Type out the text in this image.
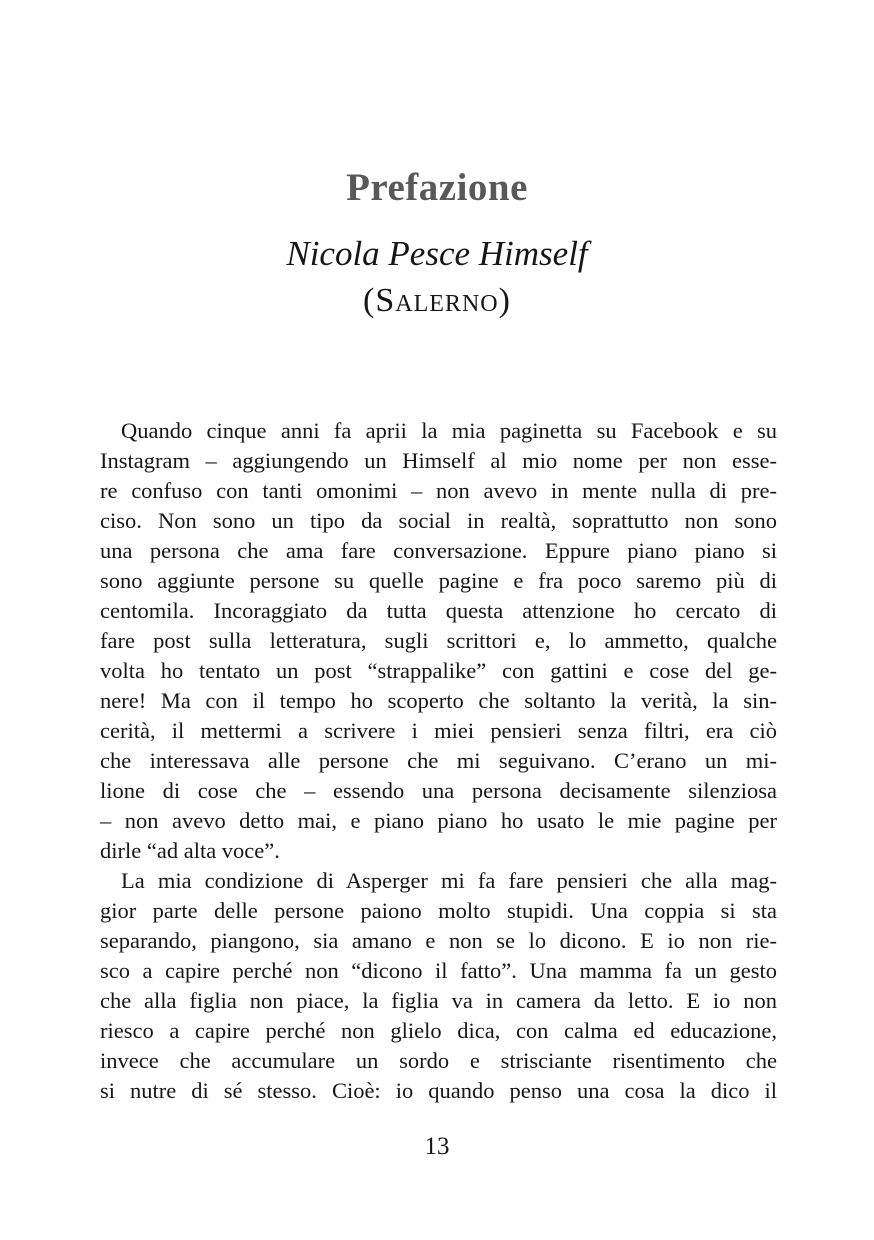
Prefazione
Nicola Pesce Himself
(Salerno)
Quando cinque anni fa aprii la mia paginetta su Facebook e su
Instagram – aggiungendo un Himself al mio nome per non esse-
re confuso con tanti omonimi – non avevo in mente nulla di pre-
ciso. Non sono un tipo da social in realtà, soprattutto non sono
una persona che ama fare conversazione. Eppure piano piano si
sono aggiunte persone su quelle pagine e fra poco saremo più di
centomila. Incoraggiato da tutta questa attenzione ho cercato di
fare post sulla letteratura, sugli scrittori e, lo ammetto, qualche
volta ho tentato un post “strappalike” con gattini e cose del ge-
nere! Ma con il tempo ho scoperto che soltanto la verità, la sin-
cerità, il mettermi a scrivere i miei pensieri senza filtri, era ciò
che interessava alle persone che mi seguivano. C’erano un mi-
lione di cose che – essendo una persona decisamente silenziosa
– non avevo detto mai, e piano piano ho usato le mie pagine per
dirle “ad alta voce”.
La mia condizione di Asperger mi fa fare pensieri che alla mag-
gior parte delle persone paiono molto stupidi. Una coppia si sta
separando, piangono, sia amano e non se lo dicono. E io non rie-
sco a capire perché non “dicono il fatto”. Una mamma fa un gesto
che alla figlia non piace, la figlia va in camera da letto. E io non
riesco a capire perché non glielo dica, con calma ed educazione,
invece che accumulare un sordo e strisciante risentimento che
si nutre di sé stesso. Cioè: io quando penso una cosa la dico il
13
